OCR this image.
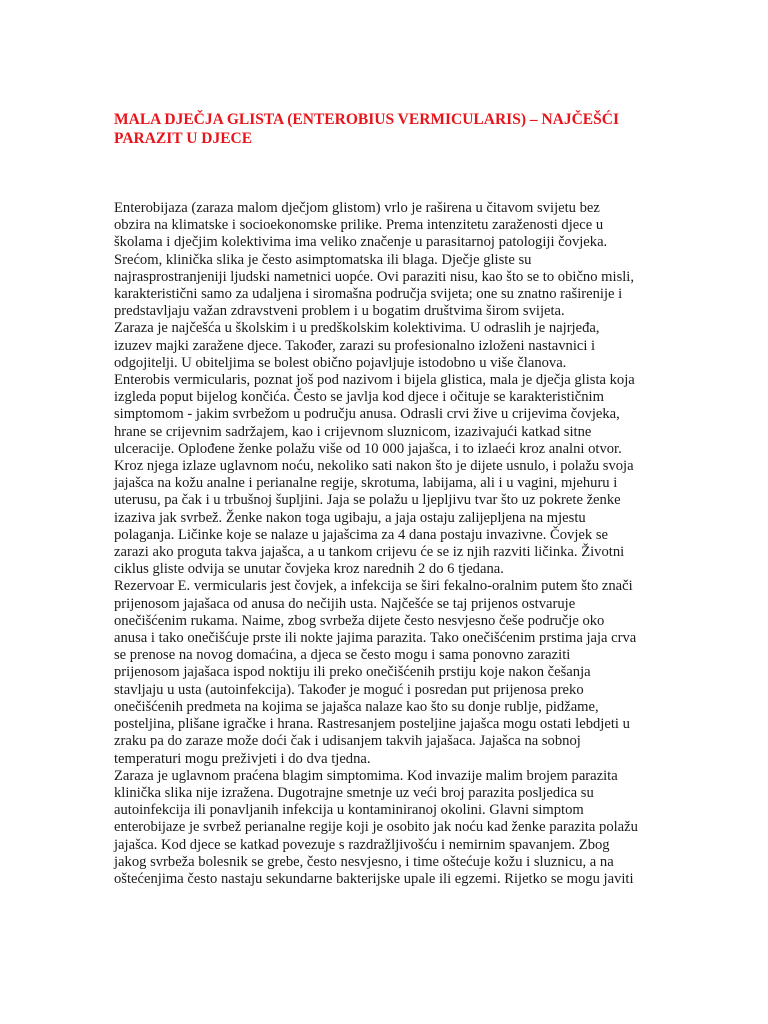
MALA DJEČJA GLISTA (ENTEROBIUS VERMICULARIS) – NAJČEŠĆI PARAZIT U DJECE
Enterobijaza (zaraza malom dječjom glistom) vrlo je raširena u čitavom svijetu bez
obzira na klimatske i socioekonomske prilike. Prema intenzitetu zaraženosti djece u
školama i dječjim kolektivima ima veliko značenje u parasitarnoj patologiji čovjeka.
Srećom, klinička slika je često asimptomatska ili blaga. Dječje gliste su
najrasprostranjeniji ljudski nametnici uopće. Ovi paraziti nisu, kao što se to obično misli,
karakteristični samo za udaljena i siromašna područja svijeta; one su znatno raširenije i
predstavljaju važan zdravstveni problem i u bogatim društvima širom svijeta.
Zaraza je najčešća u školskim i u predškolskim kolektivima. U odraslih je najrjeđa,
izuzev majki zaražene djece. Također, zarazi su profesionalno izloženi nastavnici i
odgojitelji. U obiteljima se bolest obično pojavljuje istodobno u više članova.
Enterobis vermicularis, poznat još pod nazivom i bijela glistica, mala je dječja glista koja
izgleda poput bijelog končića. Često se javlja kod djece i očituje se karakterističnim
simptomom - jakim svrbežom u području anusa. Odrasli crvi žive u crijevima čovjeka,
hrane se crijevnim sadržajem, kao i crijevnom sluznicom, izazivajući katkad sitne
ulceracije. Oplođene ženke polažu više od 10 000 jajašca, i to izlaeći kroz analni otvor.
Kroz njega izlaze uglavnom noću, nekoliko sati nakon što je dijete usnulo, i polažu svoja
jajašca na kožu analne i perianalne regije, skrotuma, labijama, ali i u vagini, mjehuru i
uterusu, pa čak i u trbušnoj šupljini. Jaja se polažu u ljepljivu tvar što uz pokrete ženke
izaziva jak svrbež. Ženke nakon toga ugibaju, a jaja ostaju zalijepljena na mjestu
polaganja. Ličinke koje se nalaze u jajašcima za 4 dana postaju invazivne. Čovjek se
zarazi ako proguta takva jajašca, a u tankom crijevu će se iz njih razviti ličinka. Životni
ciklus gliste odvija se unutar čovjeka kroz narednih 2 do 6 tjedana.
Rezervoar E. vermicularis jest čovjek, a infekcija se širi fekalno-oralnim putem što znači
prijenosom jajašaca od anusa do nečijih usta. Najčešće se taj prijenos ostvaruje
onečišćenim rukama. Naime, zbog svrbeža dijete često nesvjesno češe područje oko
anusa i tako onečišćuje prste ili nokte jajima parazita. Tako onečišćenim prstima jaja crva
se prenose na novog domaćina, a djeca se često mogu i sama ponovno zaraziti
prijenosom jajašaca ispod noktiju ili preko onečišćenih prstiju koje nakon češanja
stavljaju u usta (autoinfekcija). Također je moguć i posredan put prijenosa preko
onečišćenih predmeta na kojima se jajašca nalaze kao što su donje rublje, pidžame,
posteljina, plišane igračke i hrana. Rastresanjem posteljine jajašca mogu ostati lebdjeti u
zraku pa do zaraze može doći čak i udisanjem takvih jajašaca. Jajašca na sobnoj
temperaturi mogu preživjeti i do dva tjedna.
Zaraza je uglavnom praćena blagim simptomima. Kod invazije malim brojem parazita
klinička slika nije izražena. Dugotrajne smetnje uz veći broj parazita posljedica su
autoinfekcija ili ponavljanih infekcija u kontaminiranoj okolini. Glavni simptom
enterobijaze je svrbež perianalne regije koji je osobito jak noću kad ženke parazita polažu
jajašca. Kod djece se katkad povezuje s razdražljivošću i nemirnim spavanjem. Zbog
jakog svrbeža bolesnik se grebe, često nesvjesno, i time oštećuje kožu i sluznicu, a na
oštećenjima često nastaju sekundarne bakterijske upale ili egzemi. Rijetko se mogu javiti
